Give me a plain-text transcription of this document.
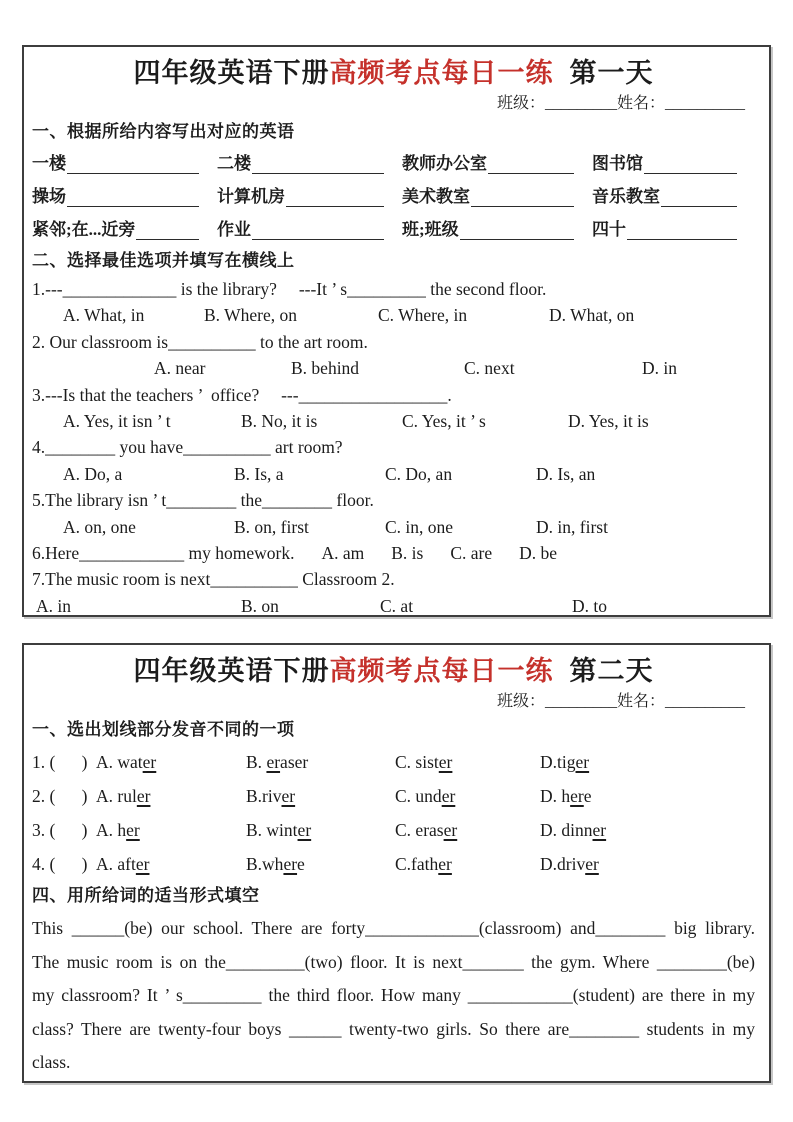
四年级英语下册高频考点每日一练 第一天
班级：_________姓名：__________
一、根据所给内容写出对应的英语
一楼	二楼	教师办公室	图书馆
操场	计算机房	美术教室	音乐教室
紧邻;在...近旁	作业	班;班级	四十
二、选择最佳选项并填写在横线上
1.---_____________ is the library?     ---It ’ s_________ the second floor.
A. What, in	B. Where, on	C. Where, in	D. What, on
2. Our classroom is__________ to the art room.
A. near	B. behind	C. next	D. in
3.---Is that the teachers ’  office?     ---_________________.
A. Yes, it isn ’ t	B. No, it is	C. Yes, it ’ s	D. Yes, it is
4.________ you have__________ art room?
A. Do, a	B. Is, a	C. Do, an	D. Is, an
5.The library isn ’ t________ the________ floor.
A. on, one	B. on, first	C. in, one	D. in, first
6.Here____________ my homework. A. am B. is C. are D. be
7.The music room is next__________ Classroom 2.
A. in	B. on	C. at	D. to
四年级英语下册高频考点每日一练 第二天
班级：_________姓名：__________
一、选出划线部分发音不同的一项
1. (      ) A. water	B. eraser	C. sister	D.tiger
2. (      ) A. ruler	B.river	C. under	D. here
3. (      ) A. her	B. winter	C. eraser	D. dinner
4. (      ) A. after	B.where	C.father	D.driver
四、用所给词的适当形式填空

This ______(be) our school. There are forty_____________(classroom) and________ big library. The music room is on the_________(two) floor. It is next_______ the gym. Where ________(be) my classroom? It ’ s_________ the third floor. How many ____________(student) are there in my class? There are twenty-four boys ______ twenty-two girls. So there are________ students in my class.
